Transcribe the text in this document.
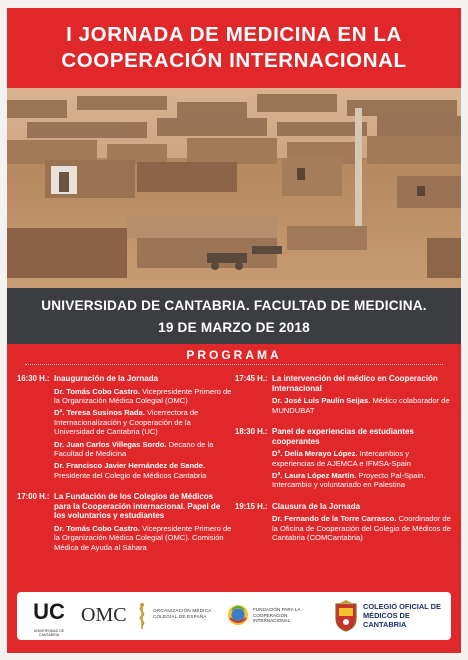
I JORNADA DE MEDICINA EN LA
COOPERACIÓN INTERNACIONAL
UNIVERSIDAD DE CANTABRIA. FACULTAD DE MEDICINA.
19 DE MARZO DE 2018
PROGRAMA
16:30 H.: Inauguración de la Jornada
Dr. Tomás Cobo Castro. Vicepresidente Primero de la Organización Médica Colegial (OMC)
Dª. Teresa Susinos Rada. Vicerrectora de Internacionalización y Cooperación de la Universidad de Cantabria (UC)
Dr. Juan Carlos Villegas Sordo. Decano de la Facultad de Medicina
Dr. Francisco Javier Hernández de Sande. Presidente del Colegio de Médicos Cantabria
17:00 H.: La Fundación de los Colegios de Médicos para la Cooperación internacional. Papel de los voluntarios y estudiantes
Dr. Tomás Cobo Castro. Vicepresidente Primero de la Organización Médica Colegial (OMC). Comisión Médica de Ayuda al Sáhara
17:45 H.: La intervención del médico en Cooperación Internacional
Dr. José Luis Paulín Seijas. Médico colaborador de MUNDUBAT
18:30 H.: Panel de experiencias de estudiantes cooperantes
Dª. Delia Merayo López. Intercambios y experiencias de AJEMCA e IFMSA-Spain
Dª. Laura López Martín. Proyecto Pal-Spain. Intercambio y voluntariado en Palestina
19:15 H.: Clausura de la Jornada
Dr. Fernando de la Torre Carrasco. Coordinador de la Oficina de Cooperación del Colegio de Médicos de Cantabria (COMCantabria)
UC
UNIVERSIDAD DE CANTABRIA
OMC	ORGANIZACIÓN MÉDICA COLEGIAL DE ESPAÑA
FUNDACIÓN PARA LA COOPERACIÓN INTERNACIONAL
COLEGIO OFICIAL DE MÉDICOS DE CANTABRIA
